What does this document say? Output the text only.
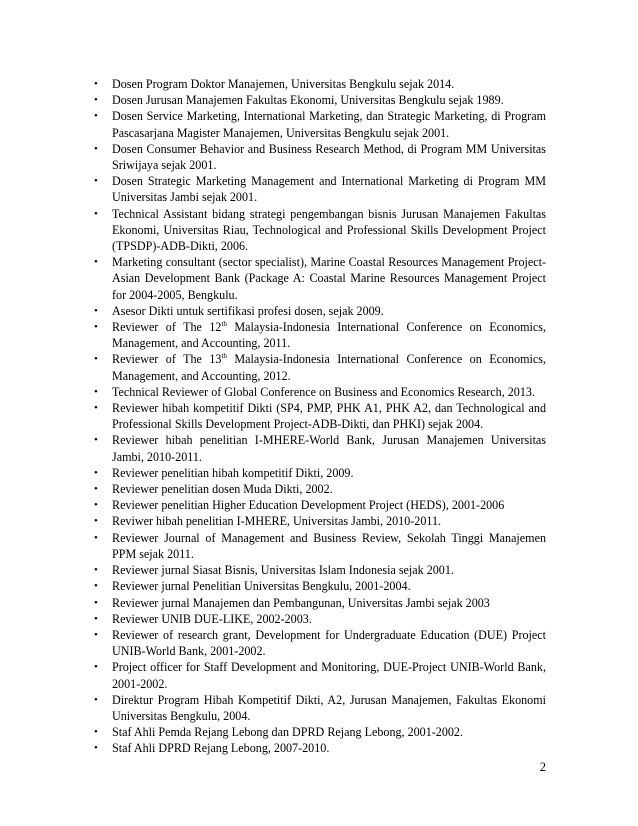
• Dosen Program Doktor Manajemen, Universitas Bengkulu sejak 2014.
• Dosen Jurusan Manajemen Fakultas Ekonomi, Universitas Bengkulu sejak 1989.
• Dosen Service Marketing, International Marketing, dan Strategic Marketing, di Program Pascasarjana Magister Manajemen, Universitas Bengkulu sejak 2001.
• Dosen Consumer Behavior and Business Research Method, di Program MM Universitas Sriwijaya sejak 2001.
• Dosen Strategic Marketing Management and International Marketing di Program MM Universitas Jambi sejak 2001.
• Technical Assistant bidang strategi pengembangan bisnis Jurusan Manajemen Fakultas Ekonomi, Universitas Riau, Technological and Professional Skills Development Project (TPSDP)-ADB-Dikti, 2006.
• Marketing consultant (sector specialist), Marine Coastal Resources Management Project-Asian Development Bank (Package A: Coastal Marine Resources Management Project for 2004-2005, Bengkulu.
• Asesor Dikti untuk sertifikasi profesi dosen, sejak 2009.
• Reviewer of The 12th Malaysia-Indonesia International Conference on Economics, Management, and Accounting, 2011.
• Reviewer of The 13th Malaysia-Indonesia International Conference on Economics, Management, and Accounting, 2012.
• Technical Reviewer of Global Conference on Business and Economics Research, 2013.
• Reviewer hibah kompetitif Dikti (SP4, PMP, PHK A1, PHK A2, dan Technological and Professional Skills Development Project-ADB-Dikti, dan PHKI) sejak 2004.
• Reviewer hibah penelitian I-MHERE-World Bank, Jurusan Manajemen Universitas Jambi, 2010-2011.
• Reviewer penelitian hibah kompetitif Dikti, 2009.
• Reviewer penelitian dosen Muda Dikti, 2002.
• Reviewer penelitian Higher Education Development Project (HEDS), 2001-2006
• Reviwer hibah penelitian I-MHERE, Universitas Jambi, 2010-2011.
• Reviewer Journal of Management and Business Review, Sekolah Tinggi Manajemen PPM sejak 2011.
• Reviewer jurnal Siasat Bisnis, Universitas Islam Indonesia sejak 2001.
• Reviewer jurnal Penelitian Universitas Bengkulu, 2001-2004.
• Reviewer jurnal Manajemen dan Pembangunan, Universitas Jambi sejak 2003
• Reviewer UNIB DUE-LIKE, 2002-2003.
• Reviewer of research grant, Development for Undergraduate Education (DUE) Project UNIB-World Bank, 2001-2002.
• Project officer for Staff Development and Monitoring, DUE-Project UNIB-World Bank, 2001-2002.
• Direktur Program Hibah Kompetitif Dikti, A2, Jurusan Manajemen, Fakultas Ekonomi Universitas Bengkulu, 2004.
• Staf Ahli Pemda Rejang Lebong dan DPRD Rejang Lebong, 2001-2002.
• Staf Ahli DPRD Rejang Lebong, 2007-2010.
2
